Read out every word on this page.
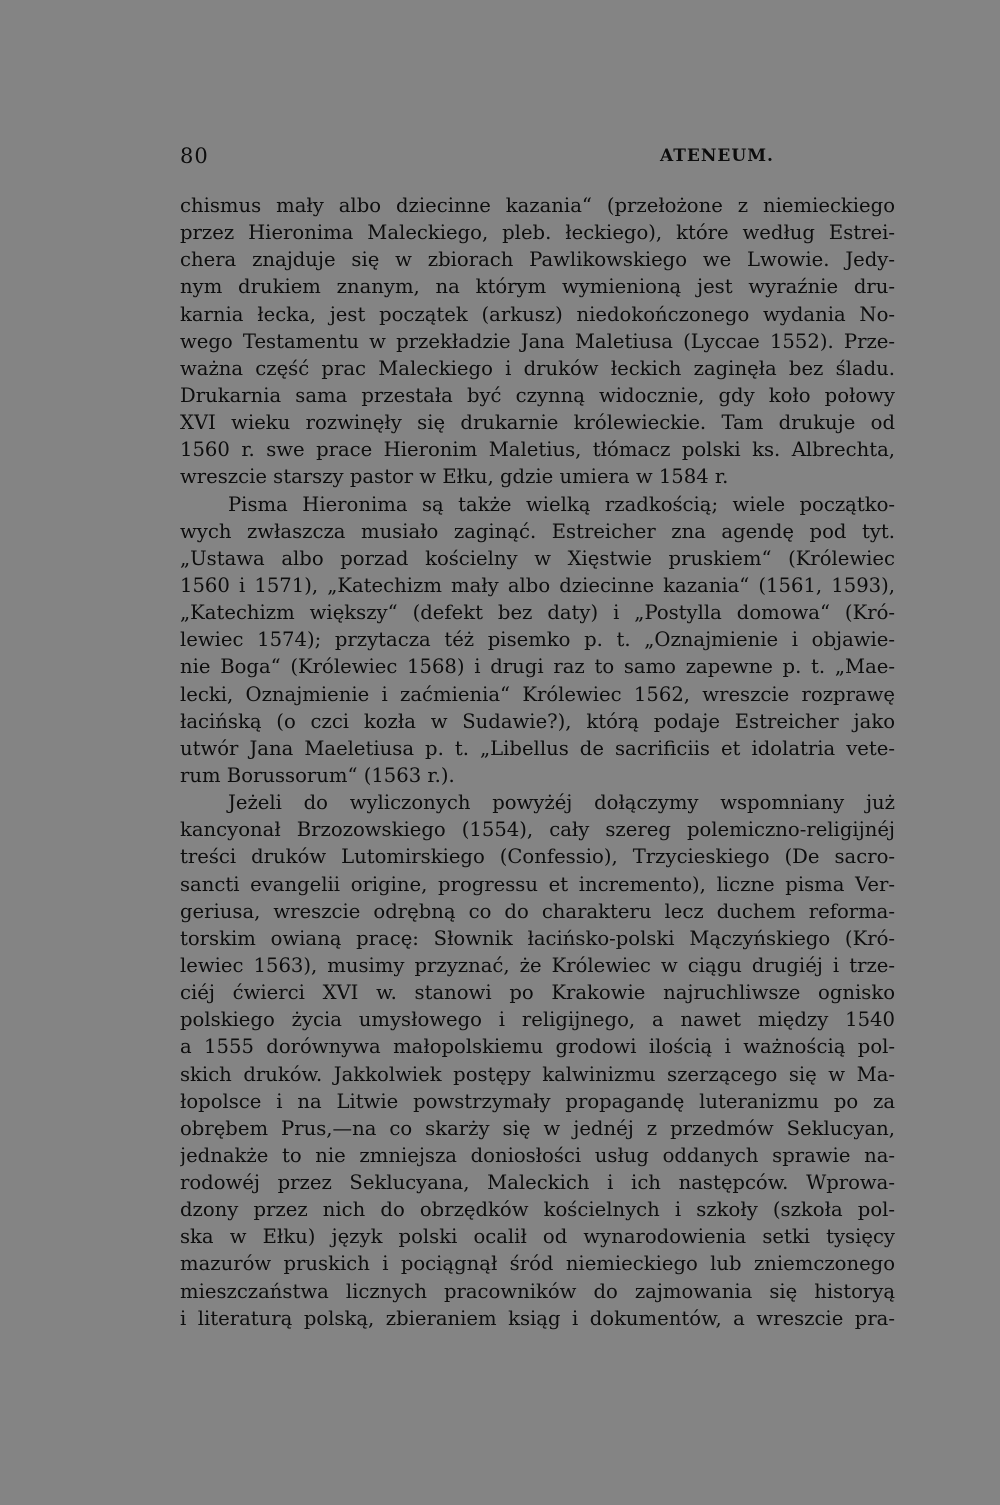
80	ATENEUM.
chismus mały albo dziecinne kazania“ (przełożone z niemieckiego
przez Hieronima Maleckiego, pleb. łeckiego), które według Estrei-
chera znajduje się w zbiorach Pawlikowskiego we Lwowie. Jedy-
nym drukiem znanym, na którym wymienioną jest wyraźnie dru-
karnia łecka, jest początek (arkusz) niedokończonego wydania No-
wego Testamentu w przekładzie Jana Maletiusa (Lyccae 1552). Prze-
ważna część prac Maleckiego i druków łeckich zaginęła bez śladu.
Drukarnia sama przestała być czynną widocznie, gdy koło połowy
XVI wieku rozwinęły się drukarnie królewieckie. Tam drukuje od
1560 r. swe prace Hieronim Maletius, tłómacz polski ks. Albrechta,
wreszcie starszy pastor w Ełku, gdzie umiera w 1584 r.
Pisma Hieronima są także wielką rzadkością; wiele początko-
wych zwłaszcza musiało zaginąć. Estreicher zna agendę pod tyt.
„Ustawa albo porzad kościelny w Xięstwie pruskiem“ (Królewiec
1560 i 1571), „Katechizm mały albo dziecinne kazania“ (1561, 1593),
„Katechizm większy“ (defekt bez daty) i „Postylla domowa“ (Kró-
lewiec 1574); przytacza téż pisemko p. t. „Oznajmienie i objawie-
nie Boga“ (Królewiec 1568) i drugi raz to samo zapewne p. t. „Mae-
lecki, Oznajmienie i zaćmienia“ Królewiec 1562, wreszcie rozprawę
łacińską (o czci kozła w Sudawie?), którą podaje Estreicher jako
utwór Jana Maeletiusa p. t. „Libellus de sacrificiis et idolatria vete-
rum Borussorum“ (1563 r.).
Jeżeli do wyliczonych powyżéj dołączymy wspomniany już
kancyonał Brzozowskiego (1554), cały szereg polemiczno-religijnéj
treści druków Lutomirskiego (Confessio), Trzycieskiego (De sacro-
sancti evangelii origine, progressu et incremento), liczne pisma Ver-
geriusa, wreszcie odrębną co do charakteru lecz duchem reforma-
torskim owianą pracę: Słownik łacińsko-polski Mączyńskiego (Kró-
lewiec 1563), musimy przyznać, że Królewiec w ciągu drugiéj i trze-
ciéj ćwierci XVI w. stanowi po Krakowie najruchliwsze ognisko
polskiego życia umysłowego i religijnego, a nawet między 1540
a 1555 dorównywa małopolskiemu grodowi ilością i ważnością pol-
skich druków. Jakkolwiek postępy kalwinizmu szerzącego się w Ma-
łopolsce i na Litwie powstrzymały propagandę luteranizmu po za
obrębem Prus,—na co skarży się w jednéj z przedmów Seklucyan,
jednakże to nie zmniejsza doniosłości usług oddanych sprawie na-
rodowéj przez Seklucyana, Maleckich i ich następców. Wprowa-
dzony przez nich do obrzędków kościelnych i szkoły (szkoła pol-
ska w Ełku) język polski ocalił od wynarodowienia setki tysięcy
mazurów pruskich i pociągnął śród niemieckiego lub zniemczonego
mieszczaństwa licznych pracowników do zajmowania się historyą
i literaturą polską, zbieraniem ksiąg i dokumentów, a wreszcie pra-
